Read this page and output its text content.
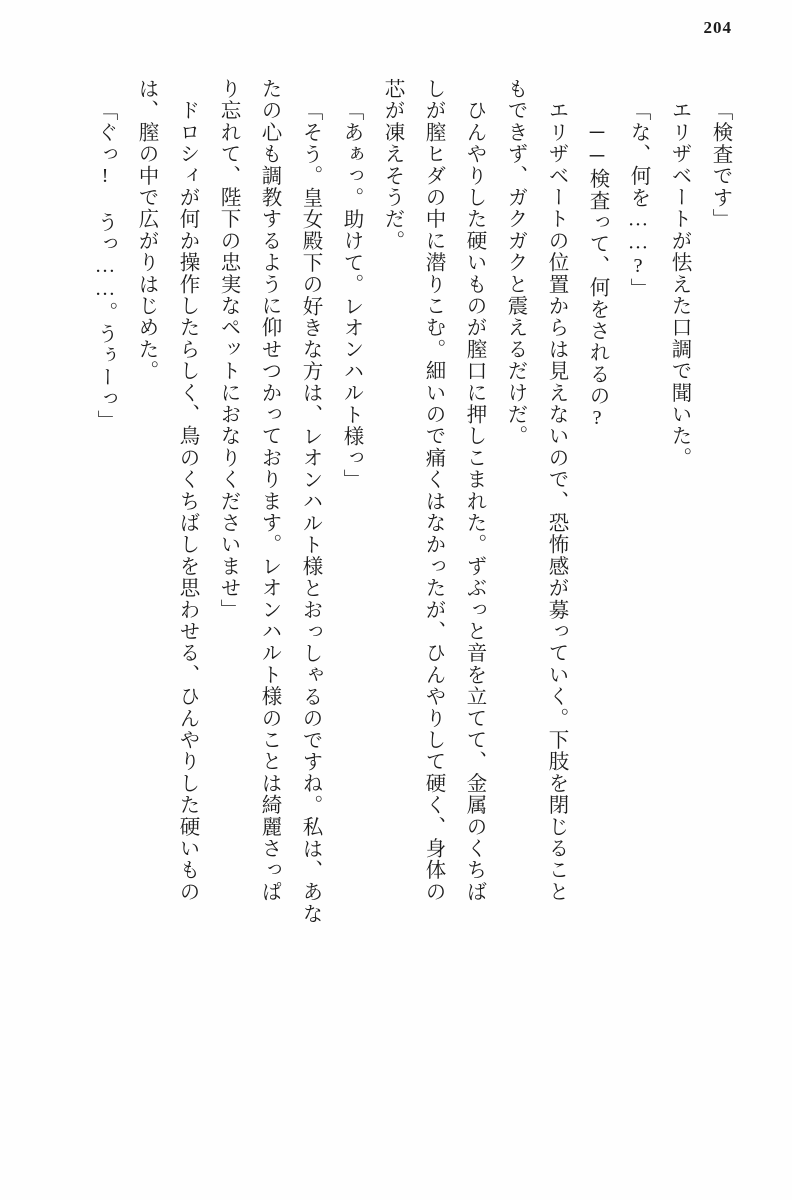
204
「検査です」
　エリザベートが怯えた口調で聞いた。
「な、何を……?」
　──検査って、何をされるの?
　エリザベートの位置からは見えないので、恐怖感が募っていく。下肢を閉じること
もできず、ガクガクと震えるだけだ。
　ひんやりした硬いものが膣口に押しこまれた。ずぶっと音を立てて、金属のくちば
しが膣ヒダの中に潜りこむ。細いので痛くはなかったが、ひんやりして硬く、身体の
芯が凍えそうだ。
「あぁっ。助けて。レオンハルト様っ」
「そう。皇女殿下の好きな方は、レオンハルト様とおっしゃるのですね。私は、あな
たの心も調教するように仰せつかっております。レオンハルト様のことは綺麗さっぱ
り忘れて、陛下の忠実なペットにおなりくださいませ」
　ドロシィが何か操作したらしく、鳥のくちばしを思わせる、ひんやりした硬いもの
は、膣の中で広がりはじめた。
「ぐっ! うっ……。うぅーっ」
